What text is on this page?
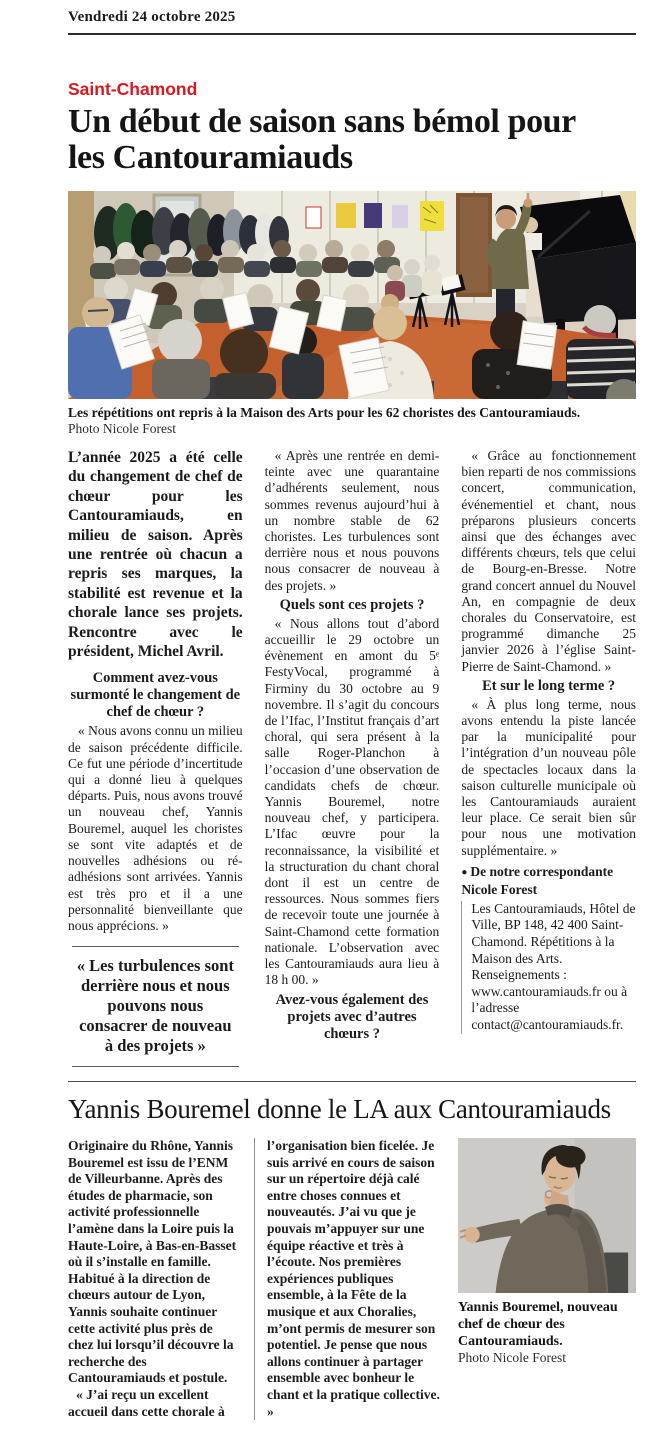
Vendredi 24 octobre 2025
Saint-Chamond
Un début de saison sans bémol pour les Cantouramiauds
Les répétitions ont repris à la Maison des Arts pour les 62 choristes des Cantouramiauds.
Photo Nicole Forest

L’année 2025 a été celle du changement de chef de chœur pour les Cantouramiauds, en milieu de saison. Après une rentrée où chacun a repris ses marques, la stabilité est revenue et la chorale lance ses projets. Rencontre avec le président, Michel Avril.

Comment avez-vous surmonté le changement de chef de chœur ?

« Nous avons connu un milieu de saison précédente difficile. Ce fut une période d’incertitude qui a donné lieu à quelques départs. Puis, nous avons trouvé un nouveau chef, Yannis Bouremel, auquel les choristes se sont vite adaptés et de nouvelles adhésions ou ré-adhésions sont arrivées. Yannis est très pro et il a une personnalité bienveillante que nous apprécions. »

« Les turbulences sont derrière nous et nous pouvons nous consacrer de nouveau à des projets »

« Après une rentrée en demi-teinte avec une quarantaine d’adhérents seulement, nous sommes revenus aujourd’hui à un nombre stable de 62 choristes. Les turbulences sont derrière nous et nous pouvons nous consacrer de nouveau à des projets. »

Quels sont ces projets ?

« Nous allons tout d’abord accueillir le 29 octobre un évènement en amont du 5ᵉ FestyVocal, programmé à Firminy du 30 octobre au 9 novembre. Il s’agit du concours de l’Ifac, l’Institut français d’art choral, qui sera présent à la salle Roger-Planchon à l’occasion d’une observation de candidats chefs de chœur. Yannis Bouremel, notre nouveau chef, y participera. L’Ifac œuvre pour la reconnaissance, la visibilité et la structuration du chant choral dont il est un centre de ressources. Nous sommes fiers de recevoir toute une journée à Saint-Chamond cette formation nationale. L’observation avec les Cantouramiauds aura lieu à 18 h 00. »

Avez-vous également des projets avec d’autres chœurs ?

« Grâce au fonctionnement bien reparti de nos commissions concert, communication, événementiel et chant, nous préparons plusieurs concerts ainsi que des échanges avec différents chœurs, tels que celui de Bourg-en-Bresse. Notre grand concert annuel du Nouvel An, en compagnie de deux chorales du Conservatoire, est programmé dimanche 25 janvier 2026 à l’église Saint-Pierre de Saint-Chamond. »

Et sur le long terme ?

« À plus long terme, nous avons entendu la piste lancée par la municipalité pour l’intégration d’un nouveau pôle de spectacles locaux dans la saison culturelle municipale où les Cantouramiauds auraient leur place. Ce serait bien sûr pour nous une motivation supplémentaire. »

● De notre correspondante
Nicole Forest
Les Cantouramiauds, Hôtel de Ville, BP 148, 42 400 Saint-Chamond. Répétitions à la Maison des Arts. Renseignements : www.cantouramiauds.fr ou à l’adresse contact@cantouramiauds.fr.
Yannis Bouremel donne le LA aux Cantouramiauds

Originaire du Rhône, Yannis Bouremel est issu de l’ENM de Villeurbanne. Après des études de pharmacie, son activité professionnelle l’amène dans la Loire puis la Haute-Loire, à Bas-en-Basset où il s’installe en famille. Habitué à la direction de chœurs autour de Lyon, Yannis souhaite continuer cette activité plus près de chez lui lorsqu’il découvre la recherche des Cantouramiauds et postule.

« J’ai reçu un excellent accueil dans cette chorale à l’organisation bien ficelée. Je suis arrivé en cours de saison sur un répertoire déjà calé entre choses connues et nouveautés. J’ai vu que je pouvais m’appuyer sur une équipe réactive et très à l’écoute. Nos premières expériences publiques ensemble, à la Fête de la musique et aux Choralies, m’ont permis de mesurer son potentiel. Je pense que nous allons continuer à partager ensemble avec bonheur le chant et la pratique collective. »

Yannis Bouremel, nouveau chef de chœur des Cantouramiauds.
Photo Nicole Forest
